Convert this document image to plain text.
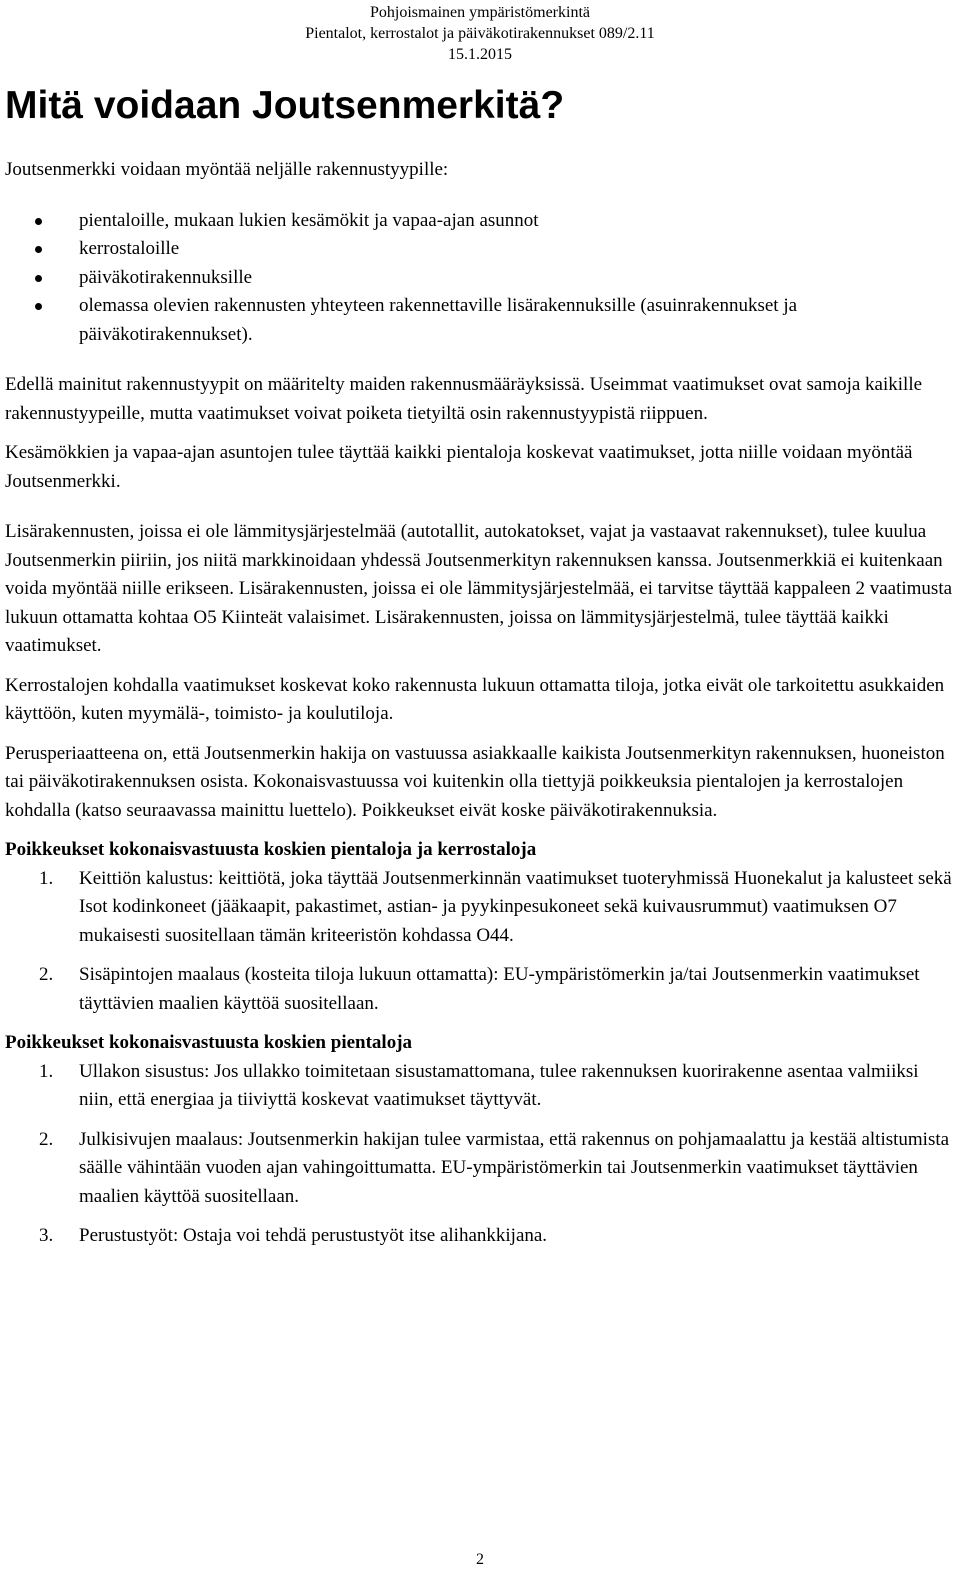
Pohjoismainen ympäristömerkintä
Pientalot, kerrostalot ja päiväkotirakennukset 089/2.11
15.1.2015
Mitä voidaan Joutsenmerkitä?

Joutsenmerkki voidaan myöntää neljälle rakennustyypille:

pientaloille, mukaan lukien kesämökit ja vapaa-ajan asunnot
kerrostaloille
päiväkotirakennuksille
olemassa olevien rakennusten yhteyteen rakennettaville lisärakennuksille (asuinrakennukset ja päiväkotirakennukset).

Edellä mainitut rakennustyypit on määritelty maiden rakennusmääräyksissä. Useimmat vaatimukset ovat samoja kaikille rakennustyypeille, mutta vaatimukset voivat poiketa tietyiltä osin rakennustyypistä riippuen.

Kesämökkien ja vapaa-ajan asuntojen tulee täyttää kaikki pientaloja koskevat vaatimukset, jotta niille voidaan myöntää Joutsenmerkki.

Lisärakennusten, joissa ei ole lämmitysjärjestelmää (autotallit, autokatokset, vajat ja vastaavat rakennukset), tulee kuulua Joutsenmerkin piiriin, jos niitä markkinoidaan yhdessä Joutsenmerkityn rakennuksen kanssa. Joutsenmerkkiä ei kuitenkaan voida myöntää niille erikseen. Lisärakennusten, joissa ei ole lämmitysjärjestelmää, ei tarvitse täyttää kappaleen 2 vaatimusta lukuun ottamatta kohtaa O5 Kiinteät valaisimet. Lisärakennusten, joissa on lämmitysjärjestelmä, tulee täyttää kaikki vaatimukset.

Kerrostalojen kohdalla vaatimukset koskevat koko rakennusta lukuun ottamatta tiloja, jotka eivät ole tarkoitettu asukkaiden käyttöön, kuten myymälä-, toimisto- ja koulutiloja.

Perusperiaatteena on, että Joutsenmerkin hakija on vastuussa asiakkaalle kaikista Joutsenmerkityn rakennuksen, huoneiston tai päiväkotirakennuksen osista. Kokonaisvastuussa voi kuitenkin olla tiettyjä poikkeuksia pientalojen ja kerrostalojen kohdalla (katso seuraavassa mainittu luettelo). Poikkeukset eivät koske päiväkotirakennuksia.

Poikkeukset kokonaisvastuusta koskien pientaloja ja kerrostaloja

1. Keittiön kalustus: keittiötä, joka täyttää Joutsenmerkinnän vaatimukset tuoteryhmissä Huonekalut ja kalusteet sekä Isot kodinkoneet (jääkaapit, pakastimet, astian- ja pyykinpesukoneet sekä kuivausrummut) vaatimuksen O7 mukaisesti suositellaan tämän kriteeristön kohdassa O44.
2. Sisäpintojen maalaus (kosteita tiloja lukuun ottamatta): EU-ympäristömerkin ja/tai Joutsenmerkin vaatimukset täyttävien maalien käyttöä suositellaan.

Poikkeukset kokonaisvastuusta koskien pientaloja

1. Ullakon sisustus: Jos ullakko toimitetaan sisustamattomana, tulee rakennuksen kuorirakenne asentaa valmiiksi niin, että energiaa ja tiiviyttä koskevat vaatimukset täyttyvät.
2. Julkisivujen maalaus: Joutsenmerkin hakijan tulee varmistaa, että rakennus on pohjamaalattu ja kestää altistumista säälle vähintään vuoden ajan vahingoittumatta. EU-ympäristömerkin tai Joutsenmerkin vaatimukset täyttävien maalien käyttöä suositellaan.
3. Perustustyöt: Ostaja voi tehdä perustustyöt itse alihankkijana.
2
